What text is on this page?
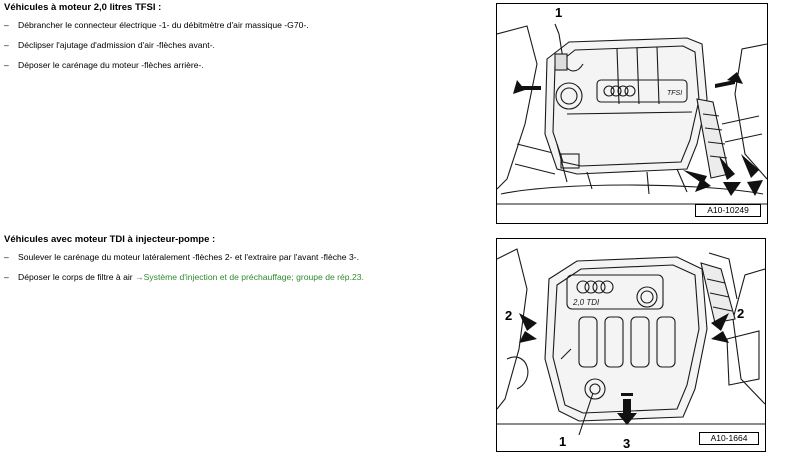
Véhicules à moteur 2,0 litres TFSI :
–	Débrancher le connecteur électrique -1- du débitmètre d'air massique -G70-.
–	Déclipser l'ajutage d'admission d'air -flèches avant-.
–	Déposer le carénage du moteur -flèches arrière-.
Véhicules avec moteur TDI à injecteur-pompe :
–	Soulever le carénage du moteur latéralement -flèches 2- et l'extraire par l'avant -flèche 3-.
–	Déposer le corps de filtre à air →Système d'injection et de préchauffage; groupe de rép.23.
TFSI
1
A10-10249
2,0 TDI
2	2
1	3	A10-1664
